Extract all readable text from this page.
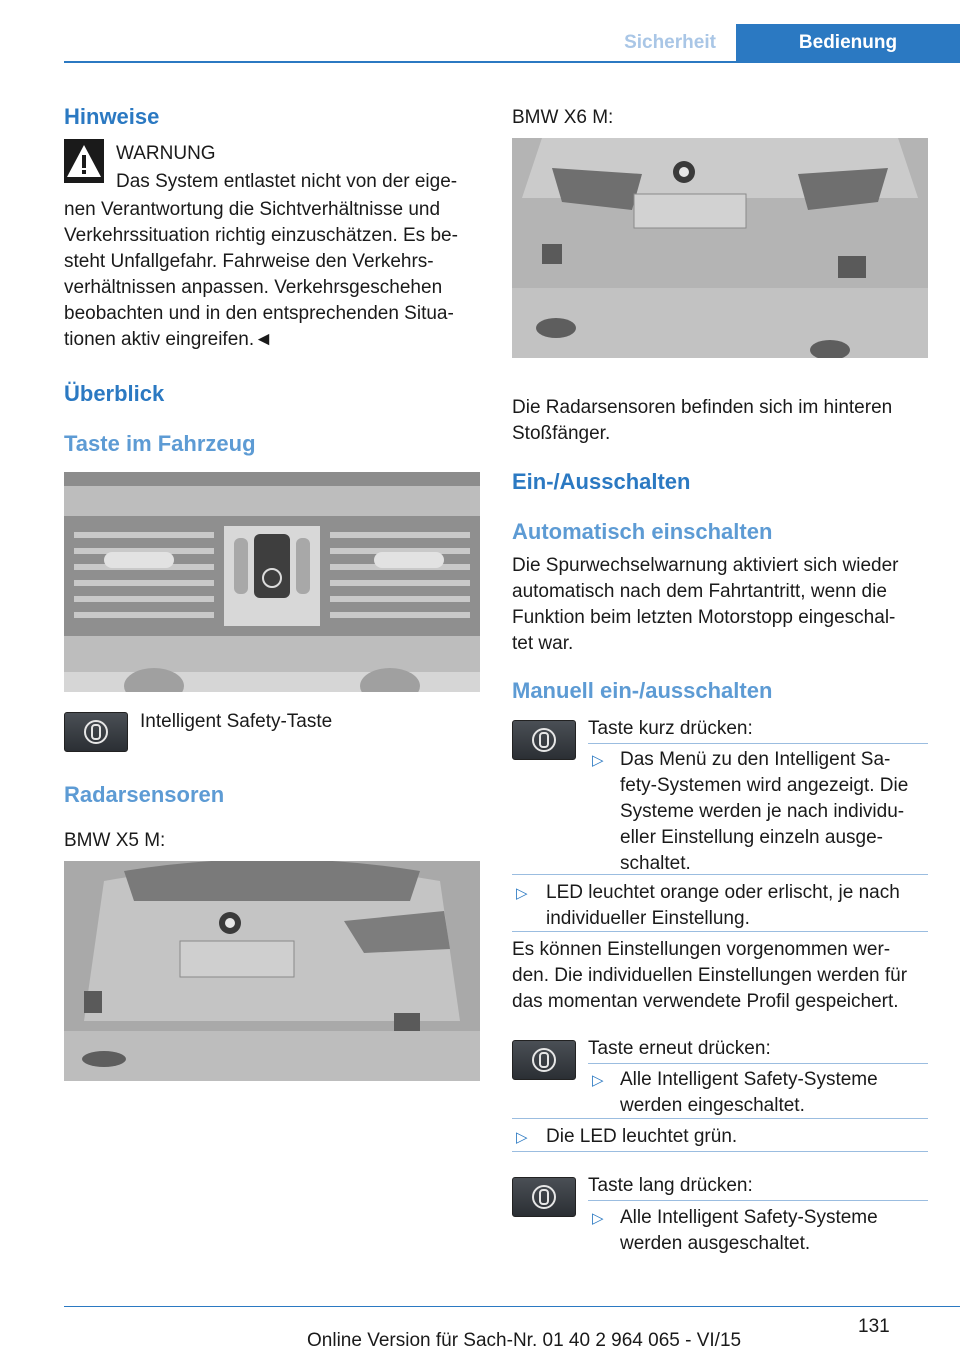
Sicherheit	Bedienung
Hinweise
WARNUNG
Das System entlastet nicht von der eige-
nen Verantwortung die Sichtverhältnisse und
Verkehrssituation richtig einzuschätzen. Es be-
steht Unfallgefahr. Fahrweise den Verkehrs-
verhältnissen anpassen. Verkehrsgeschehen
beobachten und in den entsprechenden Situa-
tionen aktiv eingreifen.◄
Überblick
Taste im Fahrzeug
Intelligent Safety-Taste
Radarsensoren
BMW X5 M:
BMW X6 M:
Die Radarsensoren befinden sich im hinteren
Stoßfänger.
Ein-/Ausschalten
Automatisch einschalten
Die Spurwechselwarnung aktiviert sich wieder
automatisch nach dem Fahrtantritt, wenn die
Funktion beim letzten Motorstopp eingeschal-
tet war.
Manuell ein-/ausschalten
Taste kurz drücken:
▷ Das Menü zu den Intelligent Sa-
fety-Systemen wird angezeigt. Die
Systeme werden je nach individu-
eller Einstellung einzeln ausge-
schaltet.
▷ LED leuchtet orange oder erlischt, je nach
individueller Einstellung.
Es können Einstellungen vorgenommen wer-
den. Die individuellen Einstellungen werden für
das momentan verwendete Profil gespeichert.
Taste erneut drücken:
▷ Alle Intelligent Safety-Systeme
werden eingeschaltet.
▷ Die LED leuchtet grün.
Taste lang drücken:
▷ Alle Intelligent Safety-Systeme
werden ausgeschaltet.
131
Online Version für Sach-Nr. 01 40 2 964 065 - VI/15
